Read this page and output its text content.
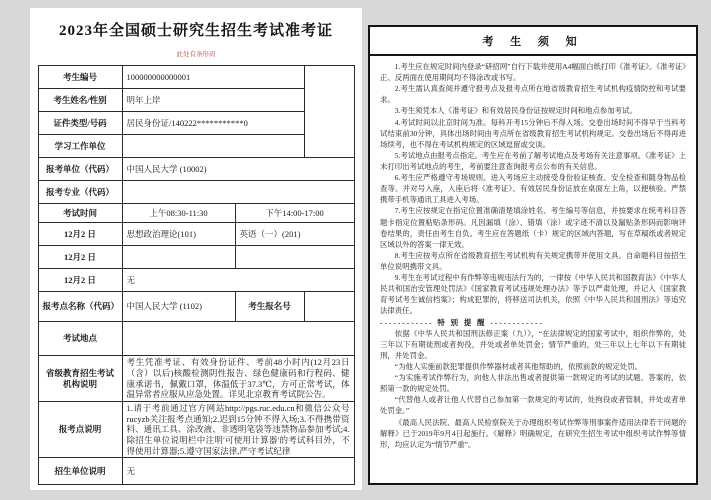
2023年全国硕士研究生招生考试准考证
此处有条形码
考生编号	100000000000001		
考生姓名/性别	明年上岸		
证件类型/号码	居民身份证/140222***********0		
学习工作单位			
报考单位（代码）	中国人民大学 (10002)		
报考专业（代码）			
考试时间	上午08:30-11:30	下午14:00-17:00	
12月2 日	思想政治理论(101)	英语（一）(201)	
12月2 日			
12月2 日	无		
报考点名称（代码）	中国人民大学 (1102)	考生报名号	
考试地点			
省级教育招生考试机构说明	考生凭准考证、有效身份证件、考前48小时内(12月23日（含）以后)核酸检测阴性报告、绿色健康码和行程码、健康承诺书，佩戴口罩，体温低于37.3℃，方可正常考试，体温异常者应服从应急处置。详见北京教育考试院公告。		
报考点说明	1.请于考前通过官方网站http://pgs.ruc.edu.cn和微信公众号rucyzb关注报考点通知;2.迟到15分钟不得入场;3.不得携带资料、通讯工具、涂改液、非透明笔袋等违禁物品参加考试;4.除招生单位说明栏中注明'可使用计算器'的考试科目外，不得使用计算器;5.遵守国家法律,严守考试纪律		
招生单位说明	无		
考 生 须 知

1.考生应在规定时间内登录“研招网”自行下载并使用A4幅面白纸打印《准考证》。《准考证》正、反两面在使用期间均不得涂改或书写。

2.考生需认真查阅并遵守报考点及报考点所在地省级教育招生考试机构疫情防控和考试要求。

3.考生须凭本人《准考证》和有效居民身份证按规定时间和地点参加考试。

4.考试时间以北京时间为准。每科开考15分钟后不得入场。交卷出场时间不得早于当科考试结束前30分钟，具体出场时间由考点所在省级教育招生考试机构规定。交卷出场后不得再进场续考，也不得在考试机构规定的区域逗留或交谈。

5.考试地点由报考点指定。考生应在考前了解考试地点及考场有关注意事项。《准考证》上未打印出考试地点的考生，考前要注意查询报考点公布的有关信息。

6.考生应严格遵守考场规则。进入考场应主动接受身份验证核查、安全检查和随身物品检查等。并对号入座，入座后将《准考证》、有效居民身份证放在桌面左上角，以便核验。严禁携带手机等通讯工具进入考场。

7.考生应按规定在指定位置准确清楚填涂姓名、考生编号等信息，并按要求在统考科目答题卡指定位置粘贴条形码。凡因漏填（涂）、错填（涂）或字迹不清以及漏贴条形码而影响评卷结果的，责任由考生自负。考生应在答题纸（卡）规定的区域内答题，写在草稿纸或者规定区域以外的答案一律无效。

8.考生应按考点所在省级教育招生考试机构有关规定携带并使用文具。自命题科目按招生单位说明携带文具。

9.考生在考试过程中有作弊等违规违法行为的，一律按《中华人民共和国教育法》《中华人民共和国治安管理处罚法》《国家教育考试违规处理办法》等予以严肃处理，并记入《国家教育考试考生诚信档案》；构成犯罪的，将移送司法机关，依照《中华人民共和国刑法》等追究法律责任。

------------ 特 别 提 醒 ------------

依据《中华人民共和国刑法修正案（九）》，“在法律规定的国家考试中，组织作弊的，处三年以下有期徒刑或者拘役，并处或者单处罚金；情节严重的，处三年以上七年以下有期徒刑，并处罚金。

“为他人实施前款犯罪提供作弊器材或者其他帮助的，依照前款的规定处罚。

“为实施考试作弊行为，向他人非法出售或者提供第一款规定的考试的试题、答案的，依照第一款的规定处罚。

“代替他人或者让他人代替自己参加第一款规定的考试的，处拘役或者管制，并处或者单处罚金。”

《最高人民法院、最高人民检察院关于办理组织考试作弊等刑事案件适用法律若干问题的解释》已于2019年9月4日起施行。《解释》明确规定，在研究生招生考试中组织考试作弊等情形，均应认定为“情节严重”。
